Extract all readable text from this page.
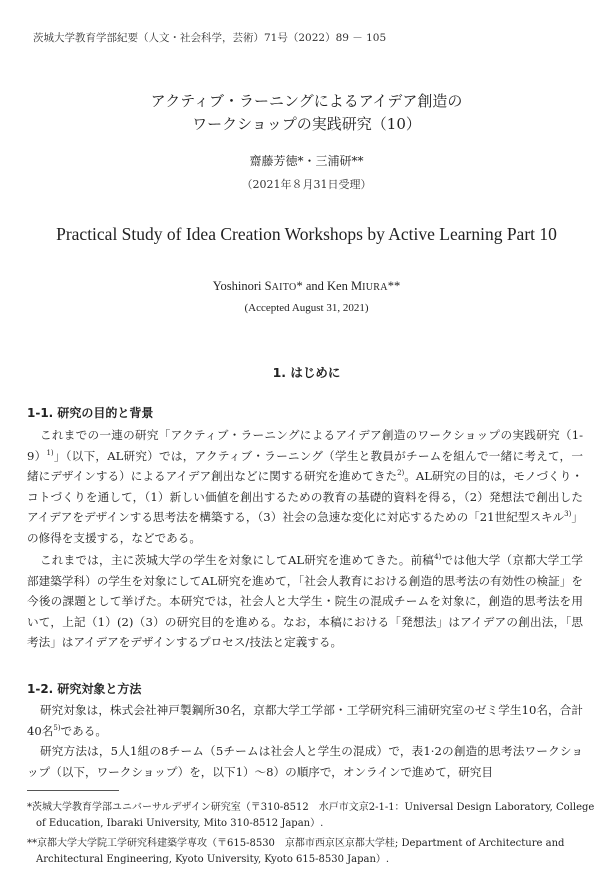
茨城大学教育学部紀要（人文・社会科学，芸術）71号（2022）89 － 105
アクティブ・ラーニングによるアイデア創造の
ワークショップの実践研究（10）
齋藤芳徳*・三浦研**
（2021年８月31日受理）
Practical Study of Idea Creation Workshops by Active Learning Part 10
Yoshinori SAITO* and Ken MIURA**
(Accepted August 31, 2021)
1. はじめに
1-1. 研究の目的と背景

これまでの一連の研究「アクティブ・ラーニングによるアイデア創造のワークショップの実践研究$(1-9)^{1)}$」（以下，AL研究）では，アクティブ・ラーニング（学生と教員がチームを組んで一緒に考えて，一緒にデザインする）によるアイデア創出などに関する研究を進めてきた$^{2)}$。AL研究の目的は，モノづくり・コトづくりを通して，（1）新しい価値を創出するための教育の基礎的資料を得る，（2）発想法で創出したアイデアをデザインする思考法を構築する，（3）社会の急速な変化に対応するための「21世紀型スキル$^{3)}$」の修得を支援する，などである。

これまでは，主に茨城大学の学生を対象にしてAL研究を進めてきた。前稿$^{4)}$では他大学（京都大学工学部建築学科）の学生を対象にしてAL研究を進めて，「社会人教育における創造的思考法の有効性の検証」を今後の課題として挙げた。本研究では，社会人と大学生・院生の混成チームを対象に，創造的思考法を用いて，上記（1）(2)（3）の研究目的を進める。なお，本稿における「発想法」はアイデアの創出法，「思考法」はアイデアをデザインするプロセス/技法と定義する。

1-2. 研究対象と方法

研究対象は，株式会社神戸製鋼所30名，京都大学工学部・工学研究科三浦研究室のゼミ学生10名，合計40名$^{5)}$である。

研究方法は，5人1組の8チーム（5チームは社会人と学生の混成）で，表1·2の創造的思考法ワークショップ（以下，ワークショップ）を，以下1）～8）の順序で，オンラインで進めて，研究目

*茨城大学教育学部ユニバーサルデザイン研究室（〒310-8512　水戸市文京2-1-1：Universal Design Laboratory, College of Education, Ibaraki University, Mito 310-8512 Japan）.

**京都大学大学院工学研究科建築学専攻（〒615-8530　京都市西京区京都大学桂; Department of Architecture and Architectural Engineering, Kyoto University, Kyoto 615-8530 Japan）.
